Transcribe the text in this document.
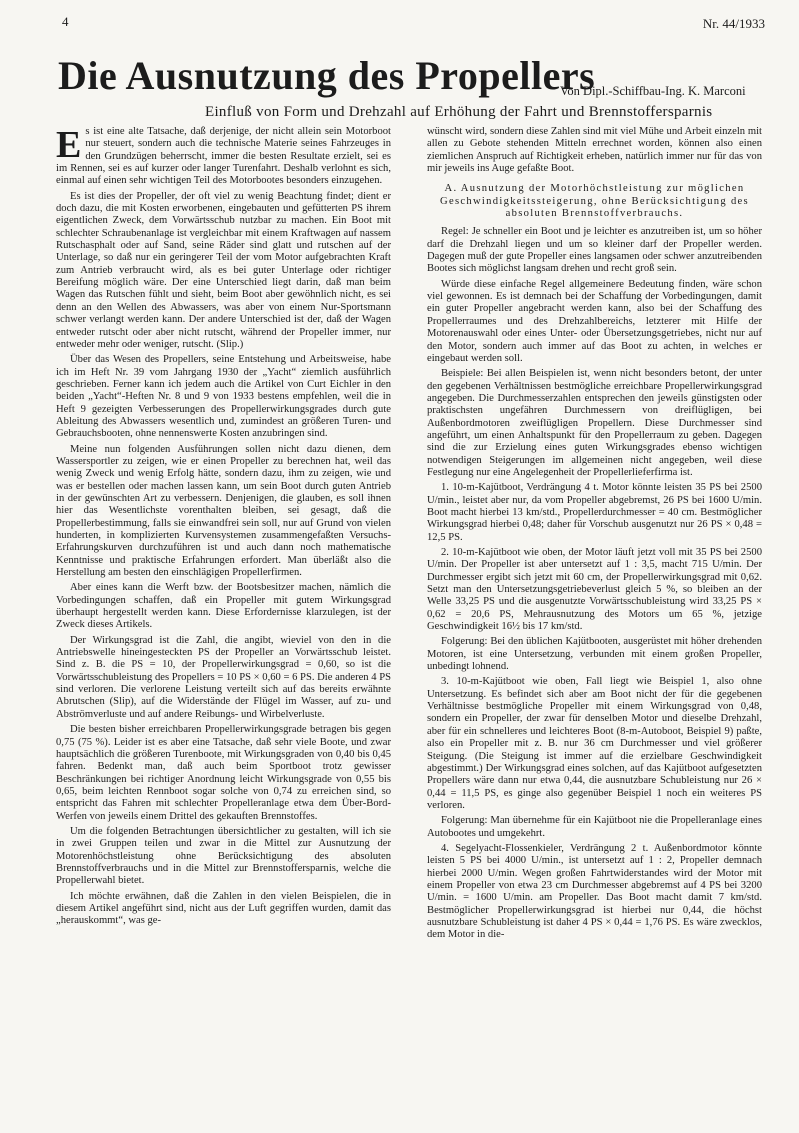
4	Nr. 44/1933
Die Ausnutzung des Propellers
Von Dipl.-Schiffbau-Ing. K. Marconi
Einfluß von Form und Drehzahl auf Erhöhung der Fahrt und Brennstoffersparnis

Es ist eine alte Tatsache, daß derjenige, der nicht allein sein Motorboot nur steuert, sondern auch die technische Materie seines Fahrzeuges in den Grundzügen beherrscht, immer die besten Resultate erzielt, sei es im Rennen, sei es auf kurzer oder langer Turenfahrt. Deshalb verlohnt es sich, einmal auf einen sehr wichtigen Teil des Motorbootes besonders einzugehen.

Es ist dies der Propeller, der oft viel zu wenig Beachtung findet; dient er doch dazu, die mit Kosten erworbenen, eingebauten und gefütterten PS ihrem eigentlichen Zweck, dem Vorwärtsschub nutzbar zu machen. Ein Boot mit schlechter Schraubenanlage ist vergleichbar mit einem Kraftwagen auf nassem Rutschasphalt oder auf Sand, seine Räder sind glatt und rutschen auf der Unterlage, so daß nur ein geringerer Teil der vom Motor aufgebrachten Kraft zum Antrieb verbraucht wird, als es bei guter Unterlage oder richtiger Bereifung möglich wäre. Der eine Unterschied liegt darin, daß man beim Wagen das Rutschen fühlt und sieht, beim Boot aber gewöhnlich nicht, es sei denn an den Wellen des Abwassers, was aber von einem Nur-Sportsmann schwer verlangt werden kann. Der andere Unterschied ist der, daß der Wagen entweder rutscht oder aber nicht rutscht, während der Propeller immer, nur entweder mehr oder weniger, rutscht. (Slip.)

Über das Wesen des Propellers, seine Entstehung und Arbeitsweise, habe ich im Heft Nr. 39 vom Jahrgang 1930 der „Yacht“ ziemlich ausführlich geschrieben. Ferner kann ich jedem auch die Artikel von Curt Eichler in den beiden „Yacht“-Heften Nr. 8 und 9 von 1933 bestens empfehlen, weil die in Heft 9 gezeigten Verbesserungen des Propellerwirkungsgrades durch gute Ableitung des Abwassers wesentlich und, zumindest an größeren Turen- und Gebrauchsbooten, ohne nennenswerte Kosten anzubringen sind.

Meine nun folgenden Ausführungen sollen nicht dazu dienen, dem Wassersportler zu zeigen, wie er einen Propeller zu berechnen hat, weil das wenig Zweck und wenig Erfolg hätte, sondern dazu, ihm zu zeigen, wie und was er bestellen oder machen lassen kann, um sein Boot durch guten Antrieb in der gewünschten Art zu verbessern. Denjenigen, die glauben, es soll ihnen hier das Wesentlichste vorenthalten bleiben, sei gesagt, daß die Propellerbestimmung, falls sie einwandfrei sein soll, nur auf Grund von vielen hunderten, in komplizierten Kurvensystemen zusammengefaßten Versuchs-Erfahrungskurven durchzuführen ist und auch dann noch mathematische Kenntnisse und praktische Erfahrungen erfordert. Man überläßt also die Herstellung am besten den einschlägigen Propellerfirmen.

Aber eines kann die Werft bzw. der Bootsbesitzer machen, nämlich die Vorbedingungen schaffen, daß ein Propeller mit gutem Wirkungsgrad überhaupt hergestellt werden kann. Diese Erfordernisse klarzulegen, ist der Zweck dieses Artikels.

Der Wirkungsgrad ist die Zahl, die angibt, wieviel von den in die Antriebswelle hineingesteckten PS der Propeller an Vorwärtsschub leistet. Sind z. B. die PS = 10, der Propellerwirkungsgrad = 0,60, so ist die Vorwärtsschubleistung des Propellers = 10 PS × 0,60 = 6 PS. Die anderen 4 PS sind verloren. Die verlorene Leistung verteilt sich auf das bereits erwähnte Abrutschen (Slip), auf die Widerstände der Flügel im Wasser, auf zu- und Abströmverluste und auf andere Reibungs- und Wirbelverluste.

Die besten bisher erreichbaren Propellerwirkungsgrade betragen bis gegen 0,75 (75 %). Leider ist es aber eine Tatsache, daß sehr viele Boote, und zwar hauptsächlich die größeren Turenboote, mit Wirkungsgraden von 0,40 bis 0,45 fahren. Bedenkt man, daß auch beim Sportboot trotz gewisser Beschränkungen bei richtiger Anordnung leicht Wirkungsgrade von 0,55 bis 0,65, beim leichten Rennboot sogar solche von 0,74 zu erreichen sind, so entspricht das Fahren mit schlechter Propelleranlage etwa dem Über-Bord-Werfen von jeweils einem Drittel des gekauften Brennstoffes.

Um die folgenden Betrachtungen übersichtlicher zu gestalten, will ich sie in zwei Gruppen teilen und zwar in die Mittel zur Ausnutzung der Motorenhöchstleistung ohne Berücksichtigung des absoluten Brennstoffverbrauchs und in die Mittel zur Brennstoffersparnis, welche die Propellerwahl bietet.

Ich möchte erwähnen, daß die Zahlen in den vielen Beispielen, die in diesem Artikel angeführt sind, nicht aus der Luft gegriffen wurden, damit das „herauskommt“, was ge-

wünscht wird, sondern diese Zahlen sind mit viel Mühe und Arbeit einzeln mit allen zu Gebote stehenden Mitteln errechnet worden, können also einen ziemlichen Anspruch auf Richtigkeit erheben, natürlich immer nur für das von mir jeweils ins Auge gefaßte Boot.

A. Ausnutzung der Motorhöchstleistung zur möglichen Geschwindigkeitssteigerung, ohne Berücksichtigung des absoluten Brennstoffverbrauchs.

Regel: Je schneller ein Boot und je leichter es anzutreiben ist, um so höher darf die Drehzahl liegen und um so kleiner darf der Propeller werden. Dagegen muß der gute Propeller eines langsamen oder schwer anzutreibenden Bootes sich möglichst langsam drehen und recht groß sein.

Würde diese einfache Regel allgemeinere Bedeutung finden, wäre schon viel gewonnen. Es ist demnach bei der Schaffung der Vorbedingungen, damit ein guter Propeller angebracht werden kann, also bei der Schaffung des Propellerraumes und des Drehzahlbereichs, letzterer mit Hilfe der Motorenauswahl oder eines Unter- oder Übersetzungsgetriebes, nicht nur auf den Motor, sondern auch immer auf das Boot zu achten, in welches er eingebaut werden soll.

Beispiele: Bei allen Beispielen ist, wenn nicht besonders betont, der unter den gegebenen Verhältnissen bestmögliche erreichbare Propellerwirkungsgrad angegeben. Die Durchmesserzahlen entsprechen den jeweils günstigsten oder praktischsten ungefähren Durchmessern von dreiflügligen, bei Außenbordmotoren zweiflügligen Propellern. Diese Durchmesser sind angeführt, um einen Anhaltspunkt für den Propellerraum zu geben. Dagegen sind die zur Erzielung eines guten Wirkungsgrades ebenso wichtigen notwendigen Steigerungen im allgemeinen nicht angegeben, weil diese Festlegung nur eine Angelegenheit der Propellerlieferfirma ist.

1. 10-m-Kajütboot, Verdrängung 4 t. Motor könnte leisten 35 PS bei 2500 U/min., leistet aber nur, da vom Propeller abgebremst, 26 PS bei 1600 U/min. Boot macht hierbei 13 km/std., Propellerdurchmesser = 40 cm. Bestmöglicher Wirkungsgrad hierbei 0,48; daher für Vorschub ausgenutzt nur 26 PS × 0,48 = 12,5 PS.

2. 10-m-Kajütboot wie oben, der Motor läuft jetzt voll mit 35 PS bei 2500 U/min. Der Propeller ist aber untersetzt auf 1 : 3,5, macht 715 U/min. Der Durchmesser ergibt sich jetzt mit 60 cm, der Propellerwirkungsgrad mit 0,62. Setzt man den Untersetzungsgetriebeverlust gleich 5 %, so bleiben an der Welle 33,25 PS und die ausgenutzte Vorwärtsschubleistung wird 33,25 PS × 0,62 = 20,6 PS, Mehrausnutzung des Motors um 65 %, jetzige Geschwindigkeit 16½ bis 17 km/std.

Folgerung: Bei den üblichen Kajütbooten, ausgerüstet mit höher drehenden Motoren, ist eine Untersetzung, verbunden mit einem großen Propeller, unbedingt lohnend.

3. 10-m-Kajütboot wie oben, Fall liegt wie Beispiel 1, also ohne Untersetzung. Es befindet sich aber am Boot nicht der für die gegebenen Verhältnisse bestmögliche Propeller mit einem Wirkungsgrad von 0,48, sondern ein Propeller, der zwar für denselben Motor und dieselbe Drehzahl, aber für ein schnelleres und leichteres Boot (8-m-Autoboot, Beispiel 9) paßte, also ein Propeller mit z. B. nur 36 cm Durchmesser und viel größerer Steigung. (Die Steigung ist immer auf die erzielbare Geschwindigkeit abgestimmt.) Der Wirkungsgrad eines solchen, auf das Kajütboot aufgesetzten Propellers wäre dann nur etwa 0,44, die ausnutzbare Schubleistung nur 26 × 0,44 = 11,5 PS, es ginge also gegenüber Beispiel 1 noch ein weiteres PS verloren.

Folgerung: Man übernehme für ein Kajütboot nie die Propelleranlage eines Autobootes und umgekehrt.

4. Segelyacht-Flossenkieler, Verdrängung 2 t. Außenbordmotor könnte leisten 5 PS bei 4000 U/min., ist untersetzt auf 1 : 2, Propeller demnach hierbei 2000 U/min. Wegen großen Fahrtwiderstandes wird der Motor mit einem Propeller von etwa 23 cm Durchmesser abgebremst auf 4 PS bei 3200 U/min. = 1600 U/min. am Propeller. Das Boot macht damit 7 km/std. Bestmöglicher Propellerwirkungsgrad ist hierbei nur 0,44, die höchst ausnutzbare Schubleistung ist daher 4 PS × 0,44 = 1,76 PS. Es wäre zwecklos, dem Motor in die-
